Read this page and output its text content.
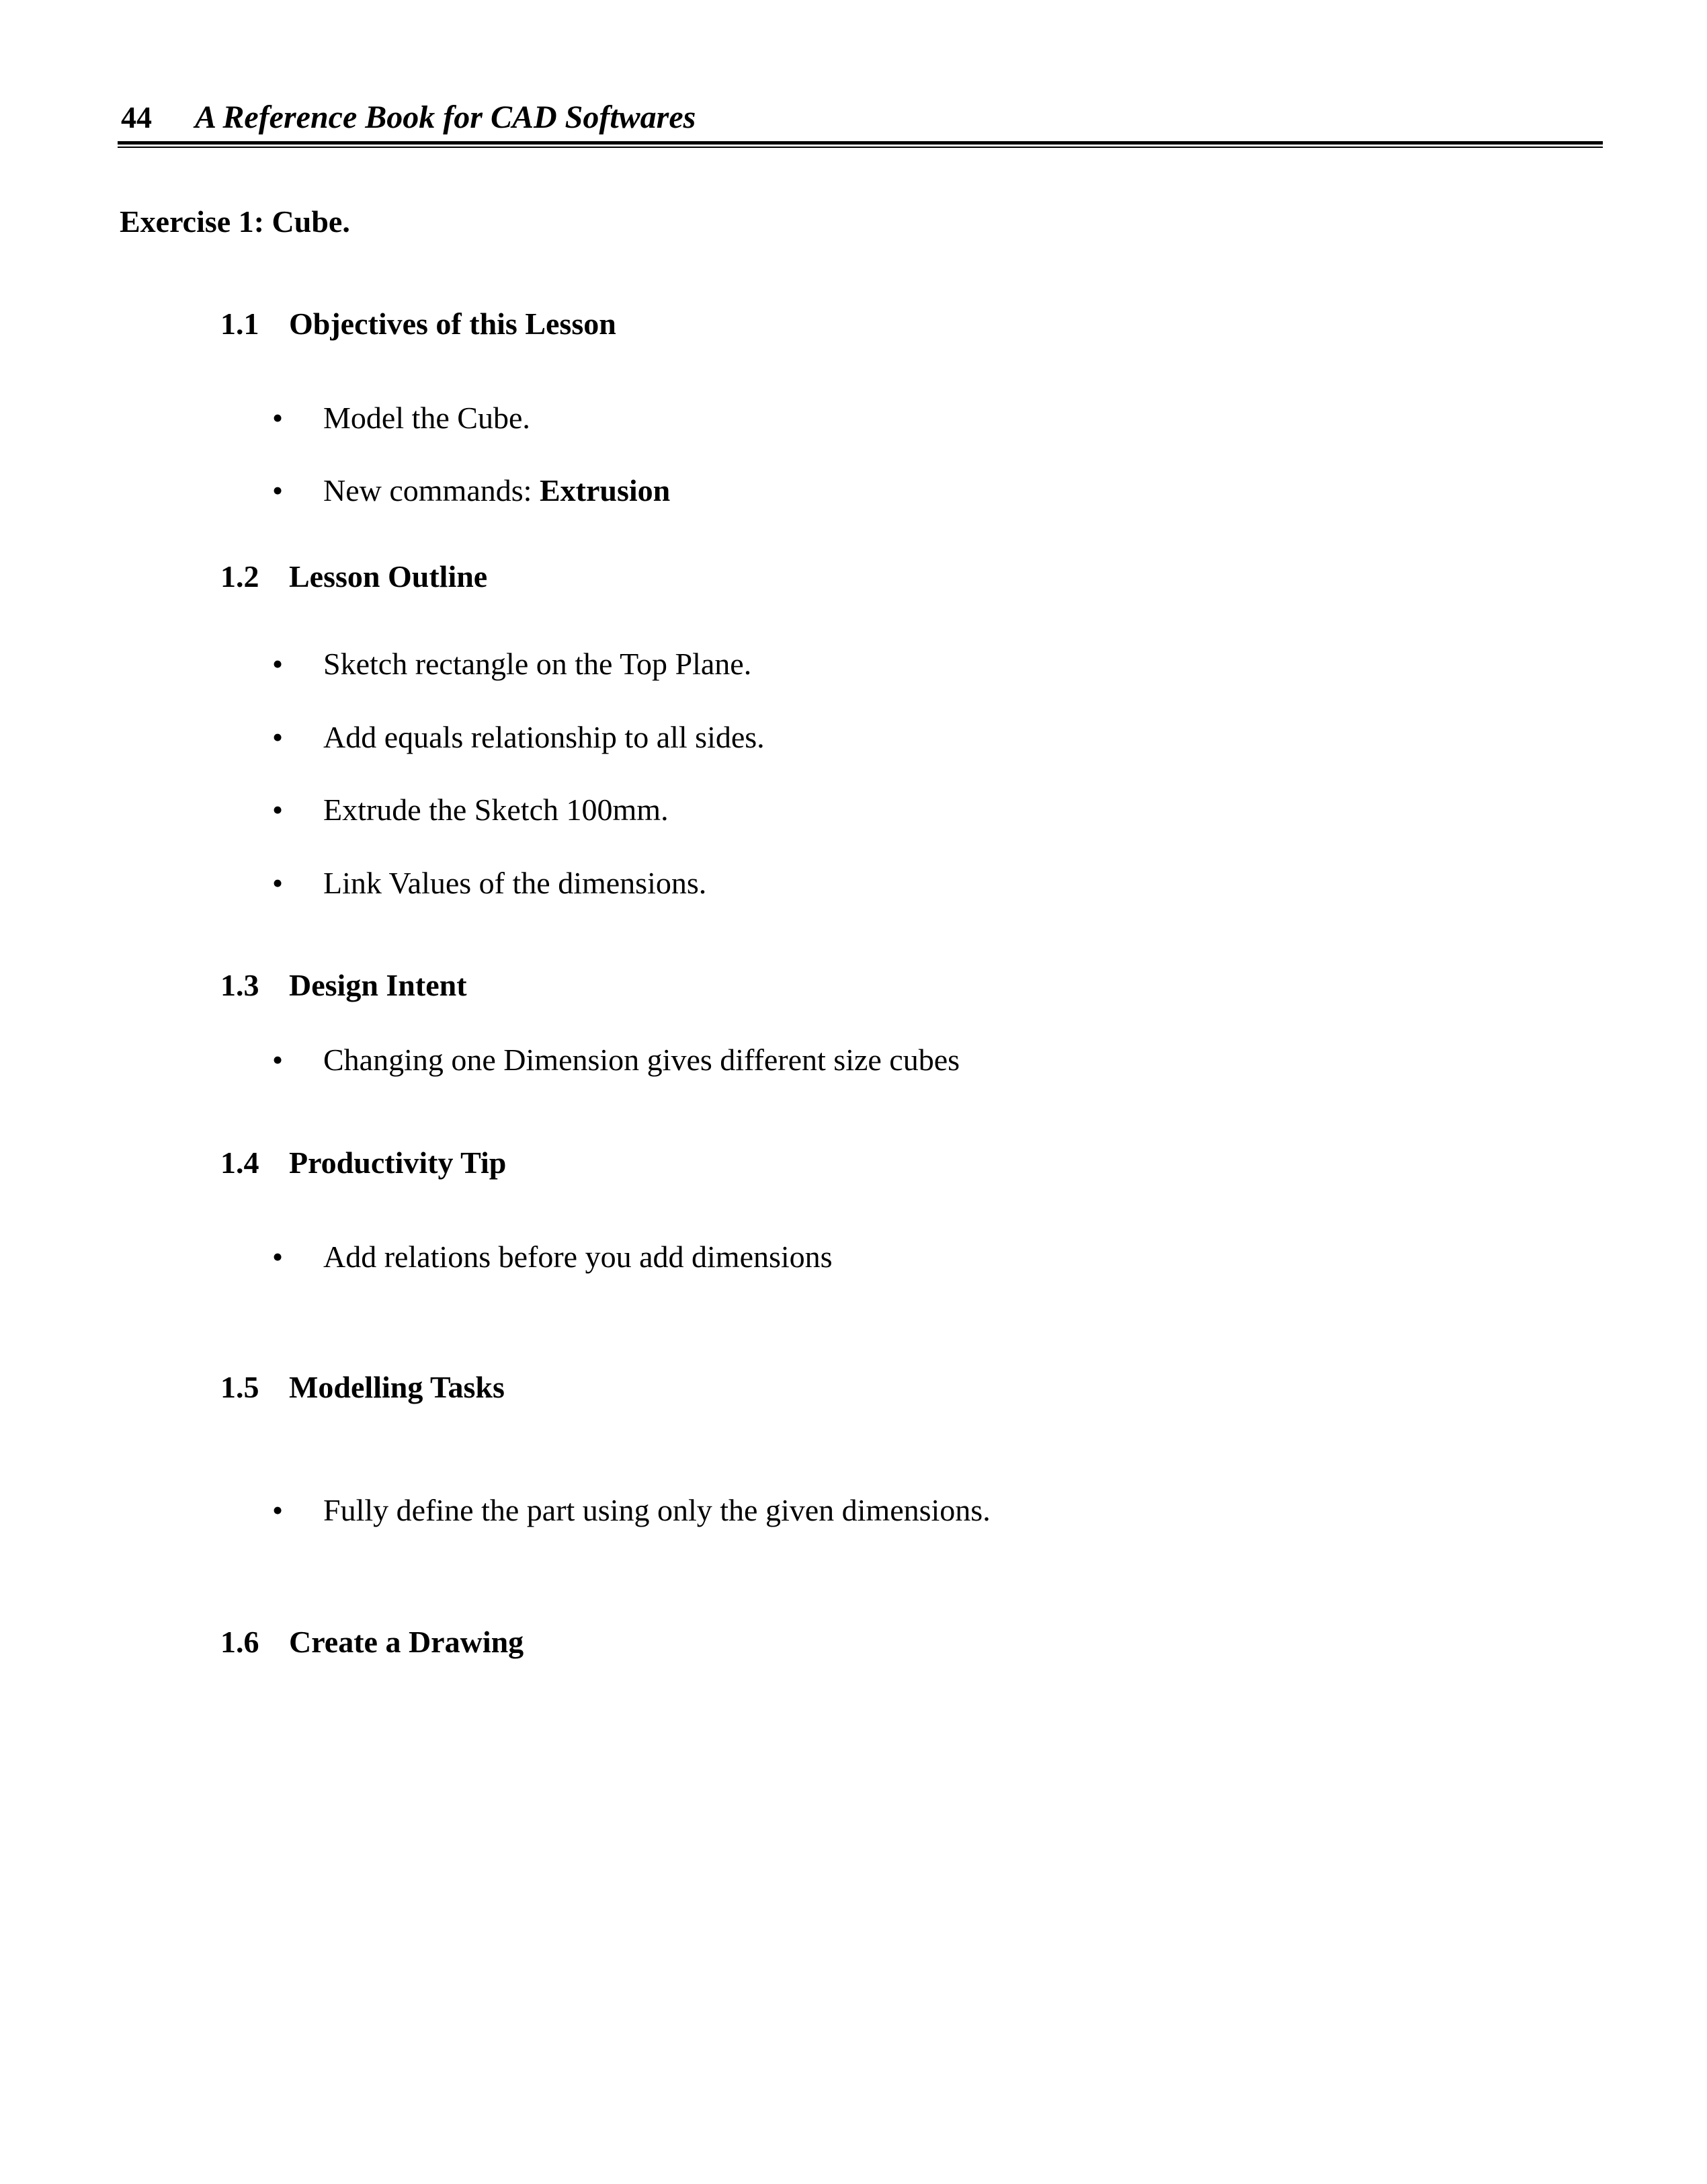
44 A Reference Book for CAD Softwares
Exercise 1: Cube.
1.1 Objectives of this Lesson
• Model the Cube.
• New commands: Extrusion
1.2 Lesson Outline
• Sketch rectangle on the Top Plane.
• Add equals relationship to all sides.
• Extrude the Sketch 100mm.
• Link Values of the dimensions.
1.3 Design Intent
• Changing one Dimension gives different size cubes
1.4 Productivity Tip
• Add relations before you add dimensions
1.5 Modelling Tasks
• Fully define the part using only the given dimensions.
1.6 Create a Drawing
